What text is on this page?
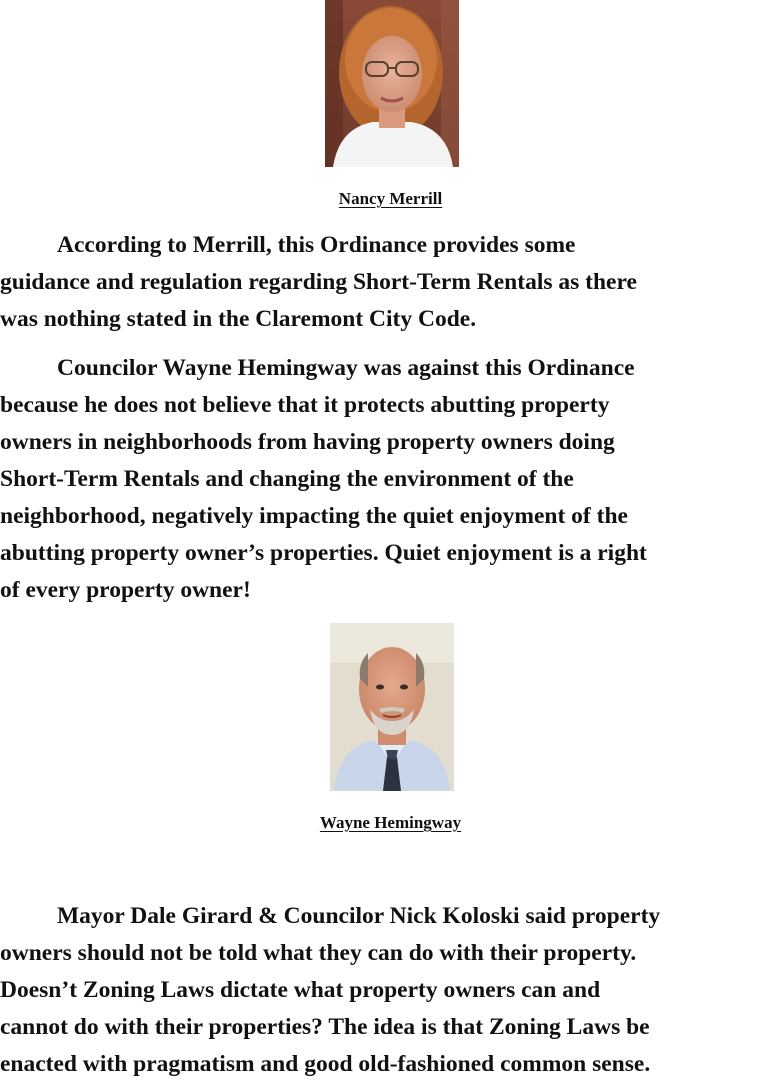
Nancy Merrill
According to Merrill, this Ordinance provides some
guidance and regulation regarding Short-Term Rentals as there
was nothing stated in the Claremont City Code.
Councilor Wayne Hemingway was against this Ordinance
because he does not believe that it protects abutting property
owners in neighborhoods from having property owners doing
Short-Term Rentals and changing the environment of the
neighborhood, negatively impacting the quiet enjoyment of the
abutting property owner’s properties. Quiet enjoyment is a right
of every property owner!
Wayne Hemingway
Mayor Dale Girard & Councilor Nick Koloski said property
owners should not be told what they can do with their property.
Doesn’t Zoning Laws dictate what property owners can and
cannot do with their properties? The idea is that Zoning Laws be
enacted with pragmatism and good old-fashioned common sense.
